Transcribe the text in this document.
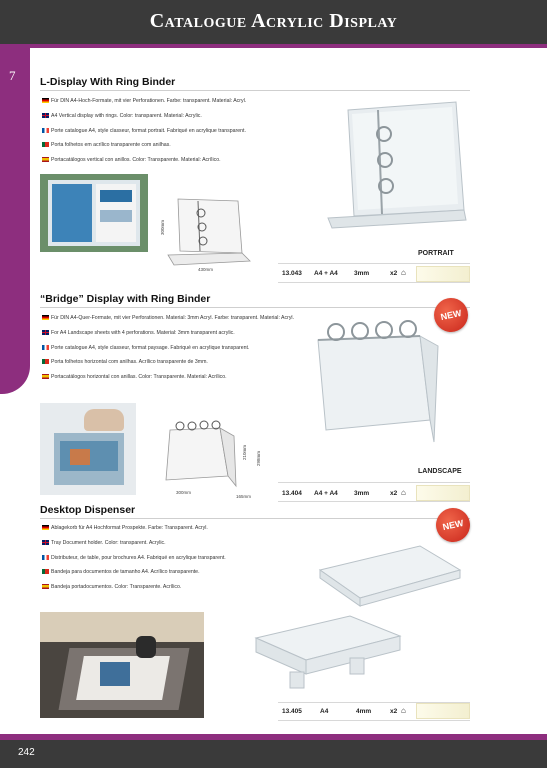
Catalogue Acrylic Display
7 L-Display With Ring Binder
Für DIN A4-Hoch-Formate, mit vier Perforationen. Farbe: transparent. Material: Acryl.
A4 Vertical display with rings. Color: transparent. Material: Acrylic.
Porte catalogue A4, style classeur, format portrait. Fabriqué en acrylique transparent.
Porta folhetos em acrílico transparente com anilhas.
Portacatálogos vertical con anillos. Color: Transparente. Material: Acrílico.
300mm
430mm
PORTRAIT
13.043 A4 + A4 3mm	x2 ⌂
“Bridge” Display with Ring Binder
NEW
Für DIN A4-Quer-Formate, mit vier Perforationen. Material: 3mm Acryl. Farbe: transparent. Material: Acryl.
For A4 Landscape sheets with 4 perforations. Material: 3mm transparent acrylic.
Porte catalogue A4, style classeur, format paysage. Fabriqué en acrylique transparent.
Porta folhetos horizontal com anilhas. Acrílico transparente de 3mm.
Portacatálogos horizontal con anillas. Color: Transparente. Material: Acrílico.
210mm 298mm
300mm
165mm
LANDSCAPE
13.404 A4 + A4 3mm	x2 ⌂
Desktop Dispenser
NEW
Ablagekorb für A4 Hochformat Prospekte. Farbe: Transparent. Acryl.
Tray Document holder. Color: transparent. Acrylic.
Distributeur, de table, pour brochures A4. Fabriqué en acrylique transparent.
Bandeja para documentos de tamanho A4. Acrílico transparente.
Bandeja portadocumentos. Color: Transparente. Acrílico.
13.405	A4	4mm	x2 ⌂
242
